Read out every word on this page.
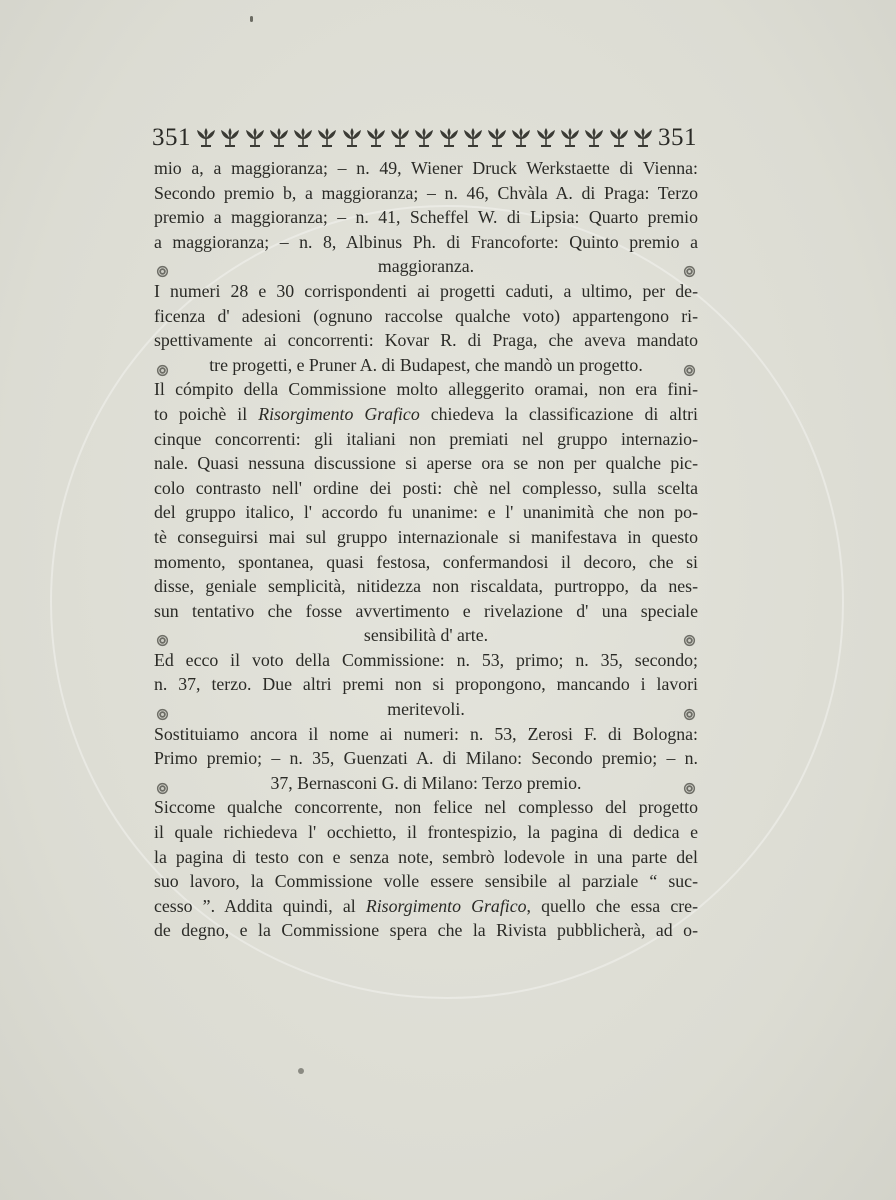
351	351
mio a, a maggioranza; – n. 49, Wiener Druck Werkstaette di Vienna:
Secondo premio b, a maggioranza; – n. 46, Chvàla A. di Praga: Terzo
premio a maggioranza; – n. 41, Scheffel W. di Lipsia: Quarto premio
a maggioranza; – n. 8, Albinus Ph. di Francoforte: Quinto premio a
maggioranza.
I numeri 28 e 30 corrispondenti ai progetti caduti, a ultimo, per de-
ficenza d' adesioni (ognuno raccolse qualche voto) appartengono ri-
spettivamente ai concorrenti: Kovar R. di Praga, che aveva mandato
tre progetti, e Pruner A. di Budapest, che mandò un progetto.
Il cómpito della Commissione molto alleggerito oramai, non era fini-
to poichè il Risorgimento Grafico chiedeva la classificazione di altri
cinque concorrenti: gli italiani non premiati nel gruppo internazio-
nale. Quasi nessuna discussione si aperse ora se non per qualche pic-
colo contrasto nell' ordine dei posti: chè nel complesso, sulla scelta
del gruppo italico, l' accordo fu unanime: e l' unanimità che non po-
tè conseguirsi mai sul gruppo internazionale si manifestava in questo
momento, spontanea, quasi festosa, confermandosi il decoro, che si
disse, geniale semplicità, nitidezza non riscaldata, purtroppo, da nes-
sun tentativo che fosse avvertimento e rivelazione d' una speciale
sensibilità d' arte.
Ed ecco il voto della Commissione: n. 53, primo; n. 35, secondo;
n. 37, terzo. Due altri premi non si propongono, mancando i lavori
meritevoli.
Sostituiamo ancora il nome ai numeri: n. 53, Zerosi F. di Bologna:
Primo premio; – n. 35, Guenzati A. di Milano: Secondo premio; – n.
37, Bernasconi G. di Milano: Terzo premio.
Siccome qualche concorrente, non felice nel complesso del progetto
il quale richiedeva l' occhietto, il frontespizio, la pagina di dedica e
la pagina di testo con e senza note, sembrò lodevole in una parte del
suo lavoro, la Commissione volle essere sensibile al parziale “ suc-
cesso ”. Addita quindi, al Risorgimento Grafico, quello che essa cre-
de degno, e la Commissione spera che la Rivista pubblicherà, ad o-
